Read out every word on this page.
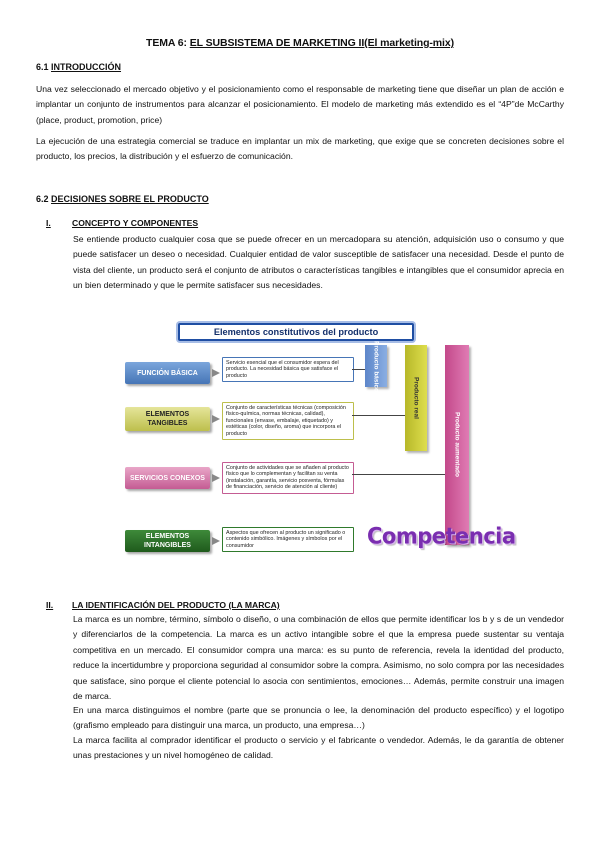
TEMA 6: EL SUBSISTEMA DE MARKETING II(El marketing-mix)
6.1 INTRODUCCIÓN
Una vez seleccionado el mercado objetivo y el posicionamiento como el responsable de marketing tiene que diseñar un plan de acción e implantar un conjunto de instrumentos para alcanzar el posicionamiento. El modelo de marketing más extendido es el “4P”de McCarthy (place, product, promotion, price)
La ejecución de una estrategia comercial se traduce en implantar un mix de marketing, que exige que se concreten decisiones sobre el producto, los precios, la distribución y el esfuerzo de comunicación.
6.2 DECISIONES SOBRE EL PRODUCTO
I. CONCEPTO Y COMPONENTES
Se entiende producto cualquier cosa que se puede ofrecer en un mercadopara su atención, adquisición uso o consumo y que puede satisfacer un deseo o necesidad. Cualquier entidad de valor susceptible de satisfacer una necesidad. Desde el punto de vista del cliente, un producto será el conjunto de atributos o características tangibles e intangibles que el consumidor aprecia en un bien determinado y que le permite satisfacer sus necesidades.
Elementos constitutivos del producto
FUNCIÓN BÁSICA
ELEMENTOS TANGIBLES
SERVICIOS CONEXOS
ELEMENTOS INTANGIBLES
Servicio esencial que el consumidor espera del producto. La necesidad básica que satisface el producto
Conjunto de características técnicas (composición físico-química, normas técnicas, calidad), funcionales (envase, embalaje, etiquetado) y estéticas (color, diseño, aroma) que incorpora el producto
Conjunto de actividades que se añaden al producto físico que lo complementan y facilitan su venta (instalación, garantía, servicio posventa, fórmulas de financiación, servicio de atención al cliente)
Aspectos que ofrecen al producto un significado o contenido simbólico. Imágenes y símbolos por el consumidor
Producto básico
Producto real
Producto aumentado
Competencia
II. LA IDENTIFICACIÓN DEL PRODUCTO (LA MARCA)
La marca es un nombre, término, símbolo o diseño, o una combinación de ellos que permite identificar los b y s de un vendedor y diferenciarlos de la competencia. La marca es un activo intangible sobre el que la empresa puede sustentar su ventaja competitiva en un mercado. El consumidor compra una marca: es su punto de referencia, revela la identidad del producto, reduce la incertidumbre y proporciona seguridad al consumidor sobre la compra. Asimismo, no solo compra por las necesidades que satisface, sino porque el cliente potencial lo asocia con sentimientos, emociones… Además, permite construir una imagen de marca.
En una marca distinguimos el nombre (parte que se pronuncia o lee, la denominación del producto específico) y el logotipo (grafismo empleado para distinguir una marca, un producto, una empresa…)
La marca facilita al comprador identificar el producto o servicio y el fabricante o vendedor. Además, le da garantía de obtener unas prestaciones y un nivel homogéneo de calidad.
